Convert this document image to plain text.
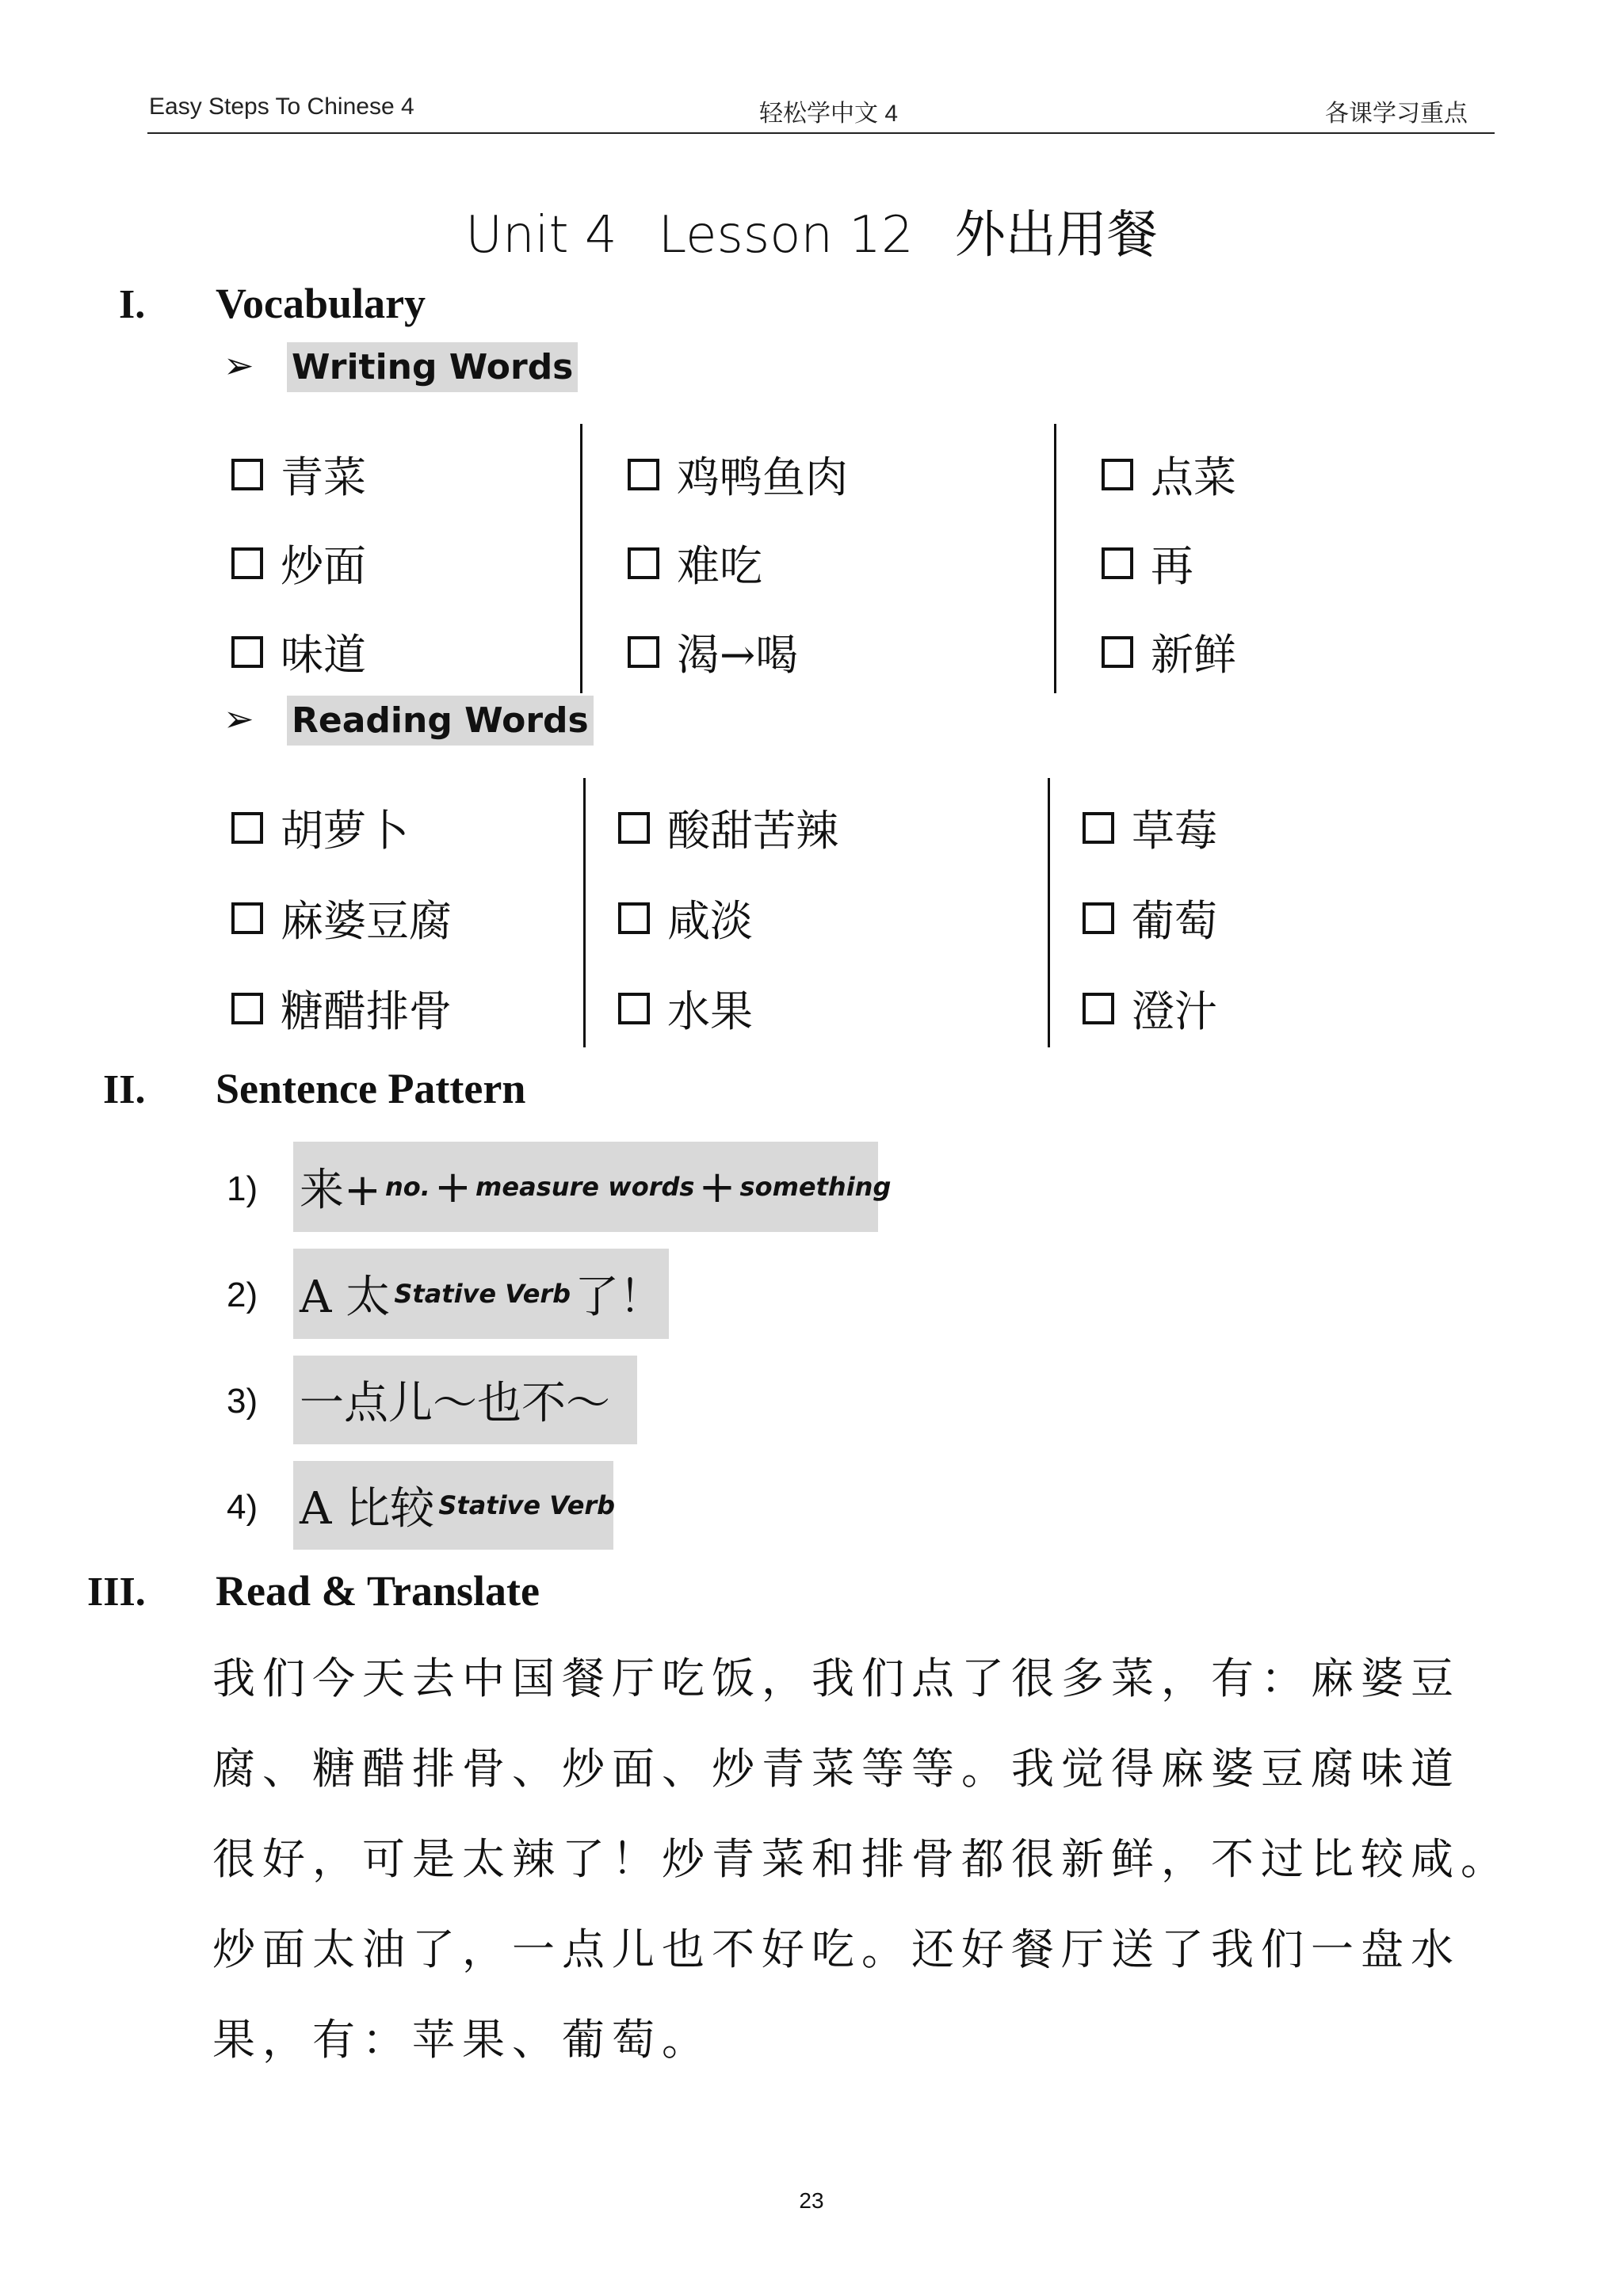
Easy Steps To Chinese 4	轻松学中文 4	各课学习重点
Unit 4 Lesson 12 外出用餐
I. Vocabulary
➢ Writing Words
青菜
炒面
味道
鸡鸭鱼肉
难吃
渴→喝
点菜
再
新鲜
➢ Reading Words
胡萝卜
麻婆豆腐
糖醋排骨
酸甜苦辣
咸淡
水果
草莓
葡萄
澄汁
II. Sentence Pattern
1) 来+
no.
+
measure words
+
something
2) A 太
Stative Verb
了！
3) 一点儿～也不～
4) A 比较
Stative Verb
III. Read & Translate
我们今天去中国餐厅吃饭，我们点了很多菜，有：麻婆豆
腐、糖醋排骨、炒面、炒青菜等等。我觉得麻婆豆腐味道
很好，可是太辣了！炒青菜和排骨都很新鲜，不过比较咸。
炒面太油了，一点儿也不好吃。还好餐厅送了我们一盘水
果，有：苹果、葡萄。
23
